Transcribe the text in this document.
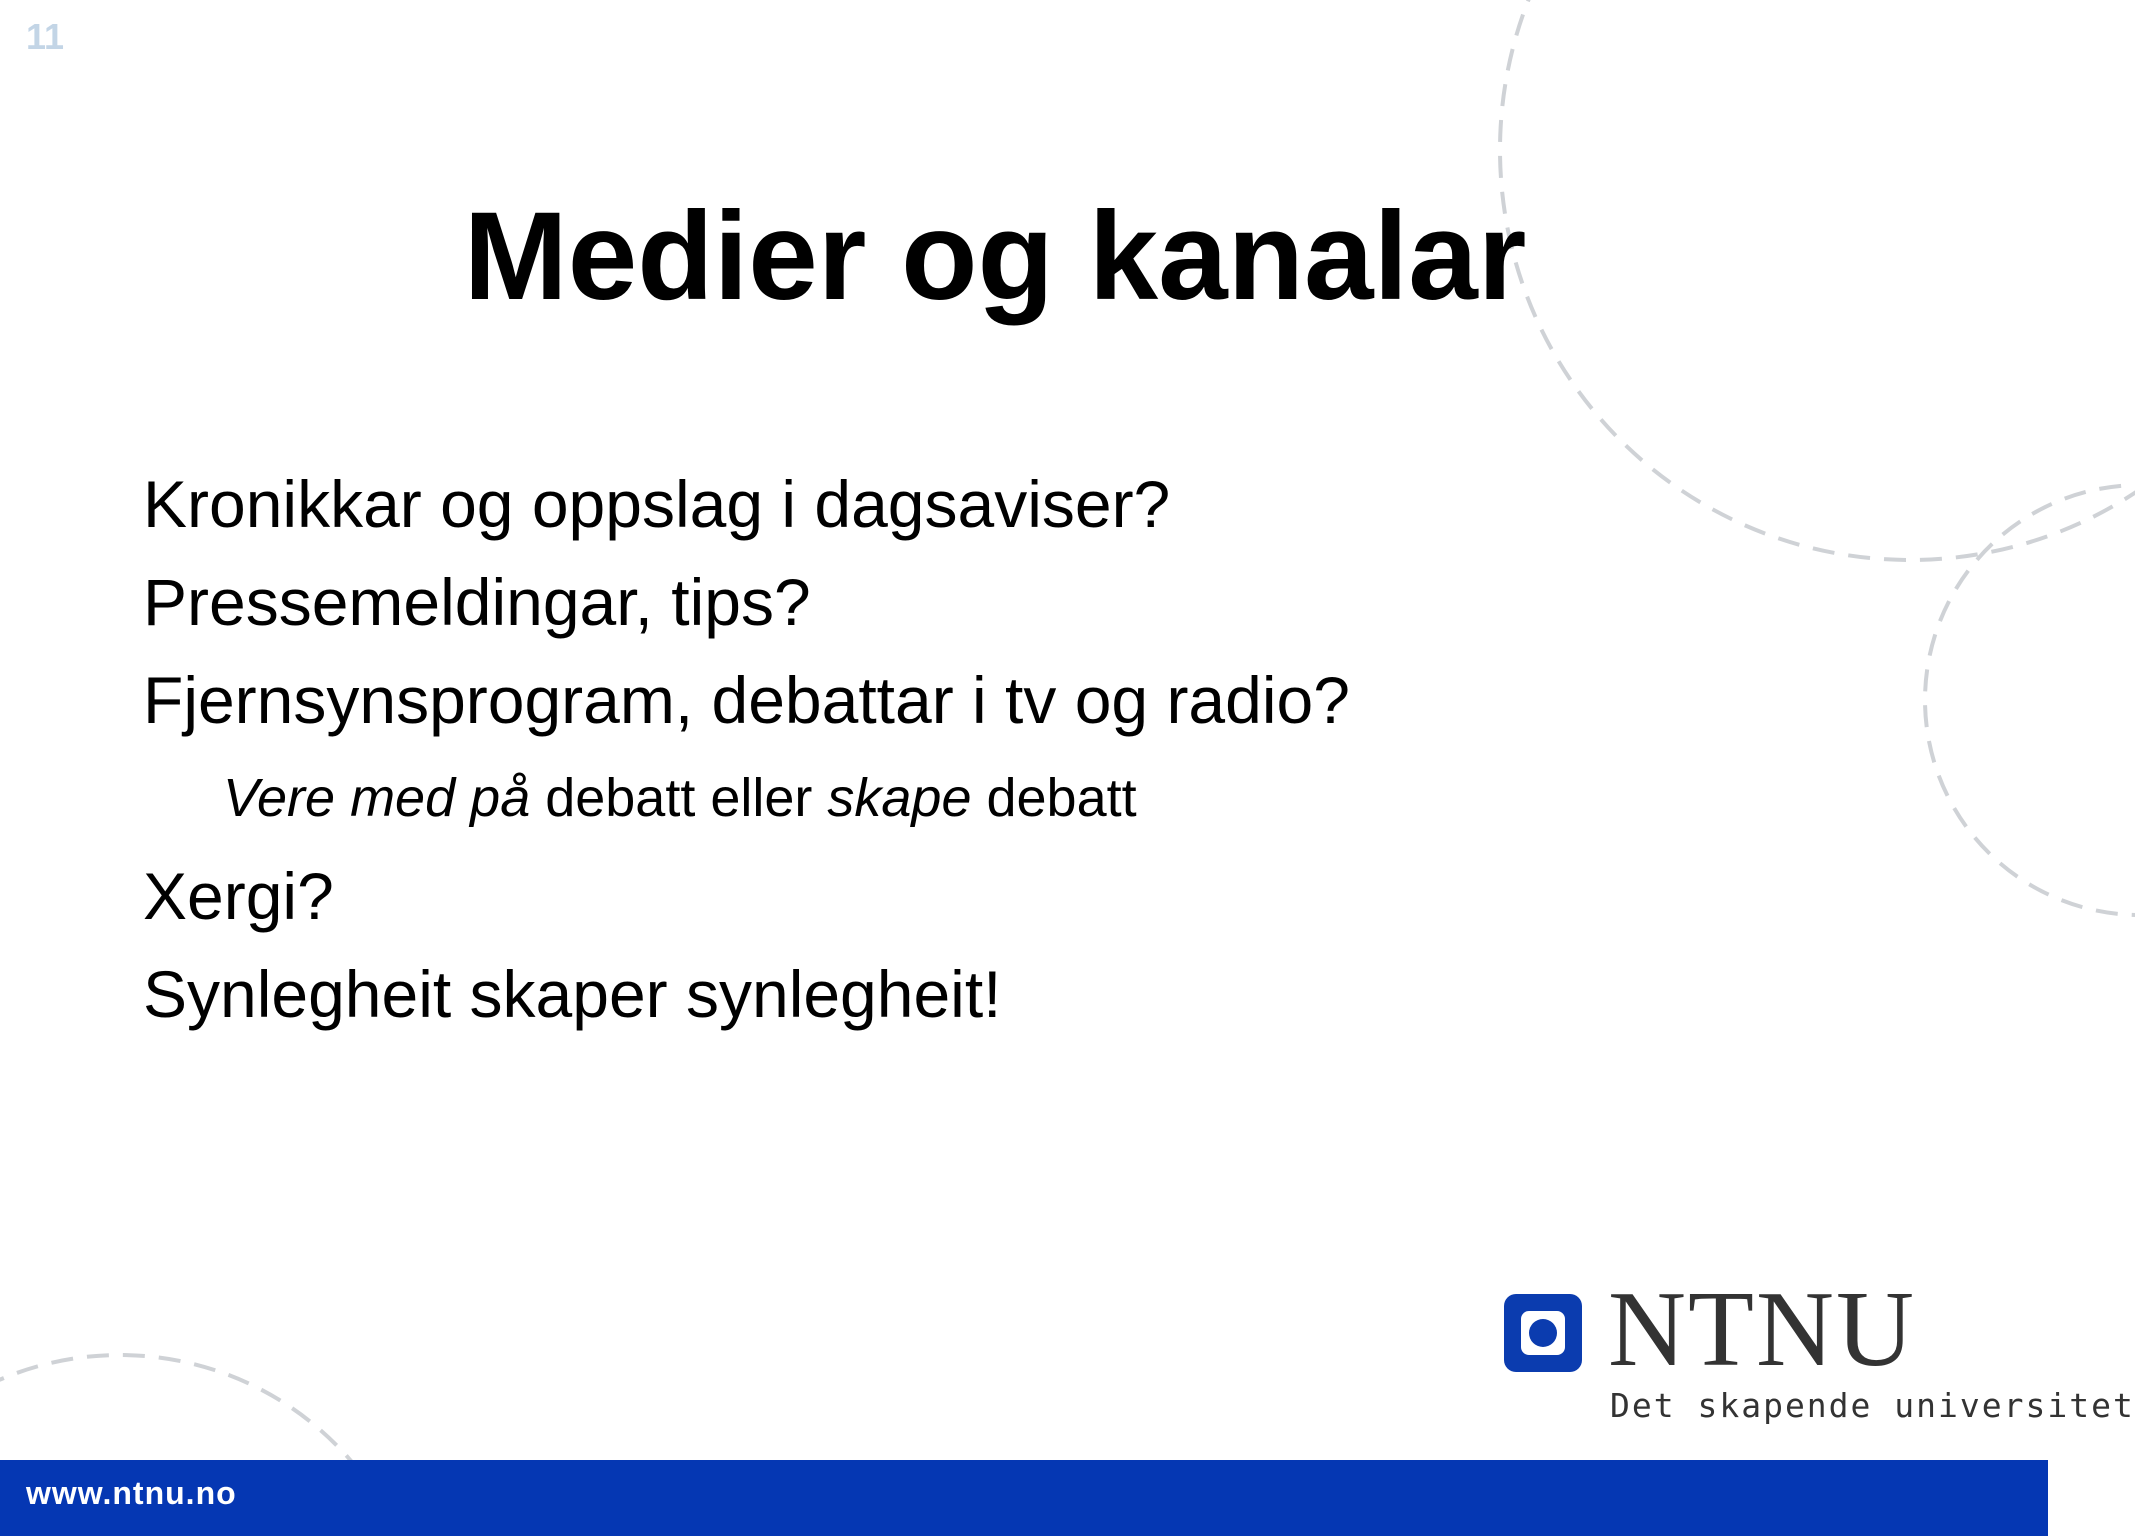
11
Medier og kanalar
Kronikkar og oppslag i dagsaviser?
Pressemeldingar, tips?
Fjernsynsprogram, debattar i tv og radio?
Vere med på debatt eller skape debatt
Xergi?
Synlegheit skaper synlegheit!
NTNU
Det skapende universitet
www.ntnu.no
